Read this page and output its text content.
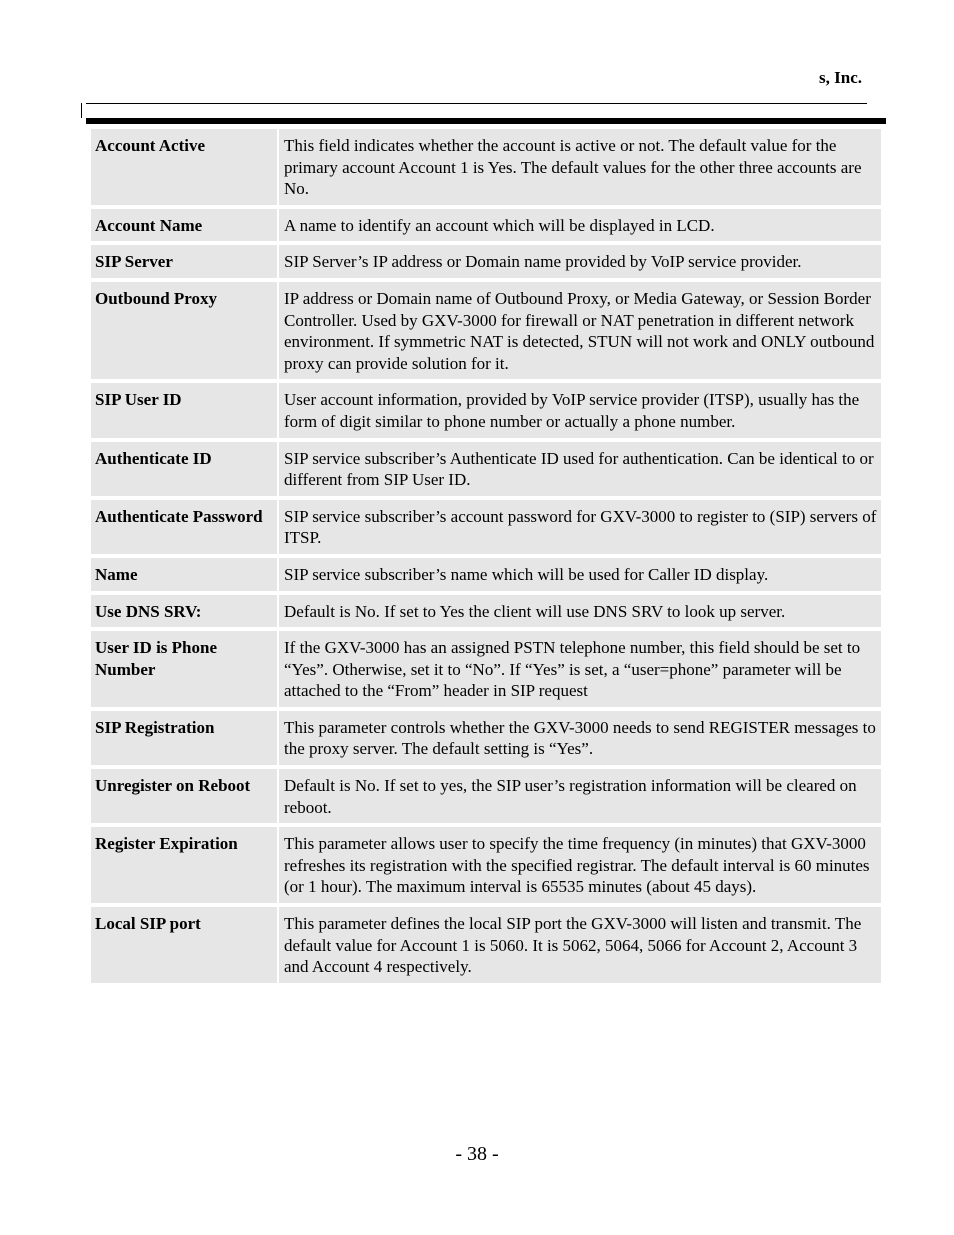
s, Inc.
Account Active	This field indicates whether the account is active or not. The default value for the primary account Account 1 is Yes. The default values for the other three accounts are No.
Account Name	A name to identify an account which will be displayed in LCD.
SIP Server	SIP Server’s IP address or Domain name provided by VoIP service provider.
Outbound Proxy	IP address or Domain name of Outbound Proxy, or Media Gateway, or Session Border Controller. Used by GXV-3000 for firewall or NAT penetration in different network environment. If symmetric NAT is detected, STUN will not work and ONLY outbound proxy can provide solution for it.
SIP User ID	User account information, provided by VoIP service provider (ITSP), usually has the form of digit similar to phone number or actually a phone number.
Authenticate ID	SIP service subscriber’s Authenticate ID used for authentication. Can be identical to or different from SIP User ID.
Authenticate Password	SIP service subscriber’s account password for GXV-3000 to register to (SIP) servers of ITSP.
Name	SIP service subscriber’s name which will be used for Caller ID display.
Use DNS SRV:	Default is No. If set to Yes the client will use DNS SRV to look up server.
User ID is Phone Number	If the GXV-3000 has an assigned PSTN telephone number, this field should be set to “Yes”. Otherwise, set it to “No”. If “Yes” is set, a “user=phone” parameter will be attached to the “From” header in SIP request
SIP Registration	This parameter controls whether the GXV-3000 needs to send REGISTER messages to the proxy server. The default setting is “Yes”.
Unregister on Reboot	Default is No. If set to yes, the SIP user’s registration information will be cleared on reboot.
Register Expiration	This parameter allows user to specify the time frequency (in minutes) that GXV-3000 refreshes its registration with the specified registrar. The default interval is 60 minutes (or 1 hour). The maximum interval is 65535 minutes (about 45 days).
Local SIP port	This parameter defines the local SIP port the GXV-3000 will listen and transmit. The default value for Account 1 is 5060. It is 5062, 5064, 5066 for Account 2, Account 3 and Account 4 respectively.
- 38 -
